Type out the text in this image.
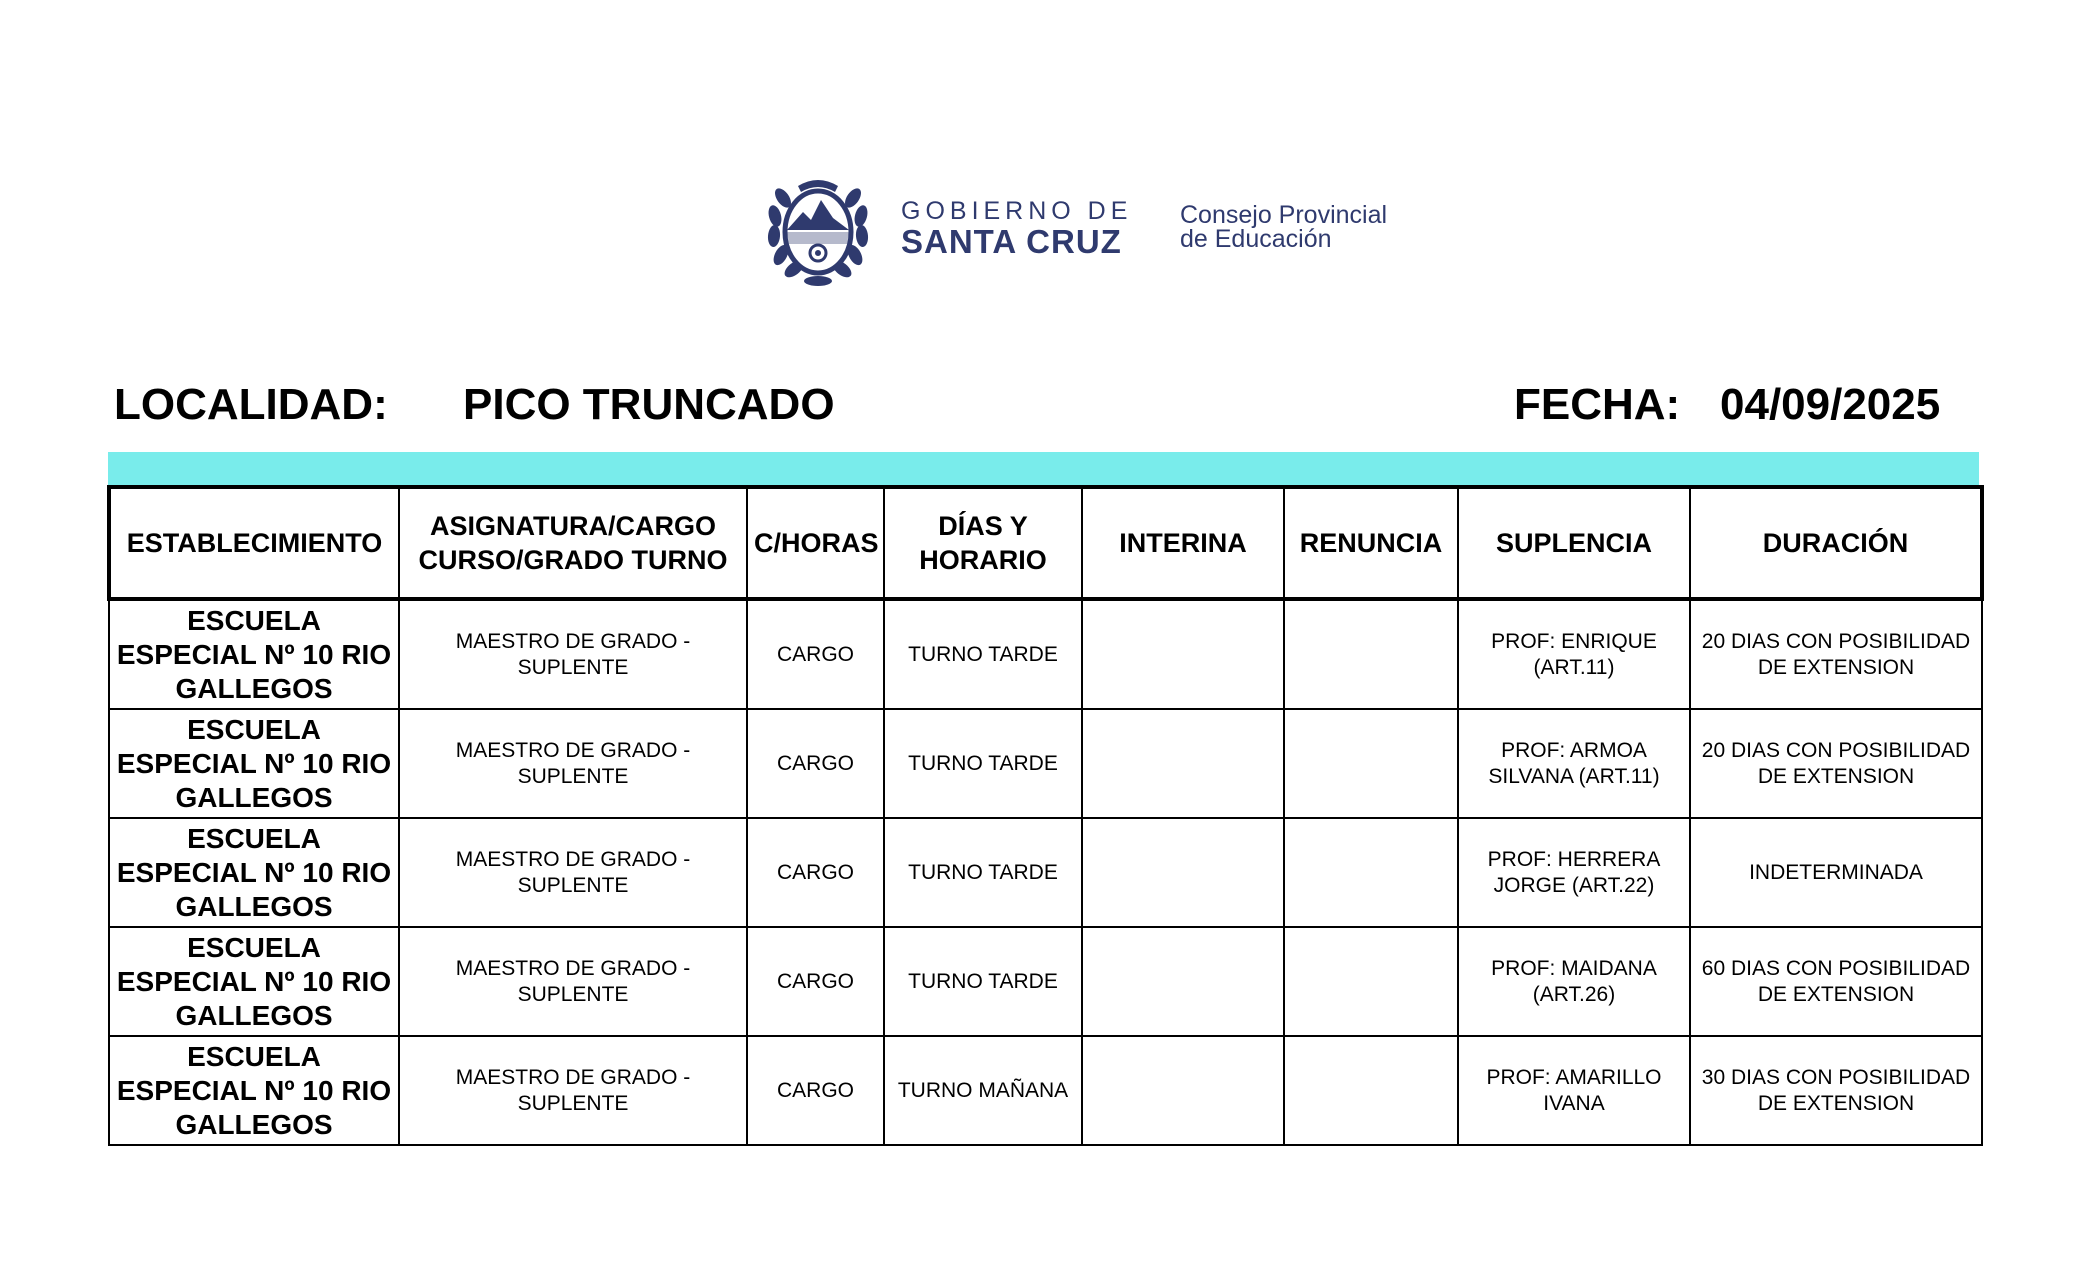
GOBIERNO DE
SANTA CRUZ
Consejo Provincial
de Educación
LOCALIDAD: PICO TRUNCADO	FECHA: 04/09/2025
ESTABLECIMIENTO	ASIGNATURA/CARGO CURSO/GRADO TURNO	C/HORAS	DÍAS Y HORARIO	INTERINA	RENUNCIA	SUPLENCIA	DURACIÓN
ESCUELA ESPECIAL Nº 10 RIO GALLEGOS	MAESTRO DE GRADO - SUPLENTE	CARGO	TURNO TARDE			PROF: ENRIQUE (ART.11)	20 DIAS CON POSIBILIDAD DE EXTENSION
ESCUELA ESPECIAL Nº 10 RIO GALLEGOS	MAESTRO DE GRADO - SUPLENTE	CARGO	TURNO TARDE			PROF: ARMOA SILVANA (ART.11)	20 DIAS CON POSIBILIDAD DE EXTENSION
ESCUELA ESPECIAL Nº 10 RIO GALLEGOS	MAESTRO DE GRADO - SUPLENTE	CARGO	TURNO TARDE			PROF: HERRERA JORGE (ART.22)	INDETERMINADA
ESCUELA ESPECIAL Nº 10 RIO GALLEGOS	MAESTRO DE GRADO - SUPLENTE	CARGO	TURNO TARDE			PROF: MAIDANA (ART.26)	60 DIAS CON POSIBILIDAD DE EXTENSION
ESCUELA ESPECIAL Nº 10 RIO GALLEGOS	MAESTRO DE GRADO - SUPLENTE	CARGO	TURNO MAÑANA			PROF: AMARILLO IVANA	30 DIAS CON POSIBILIDAD DE EXTENSION
